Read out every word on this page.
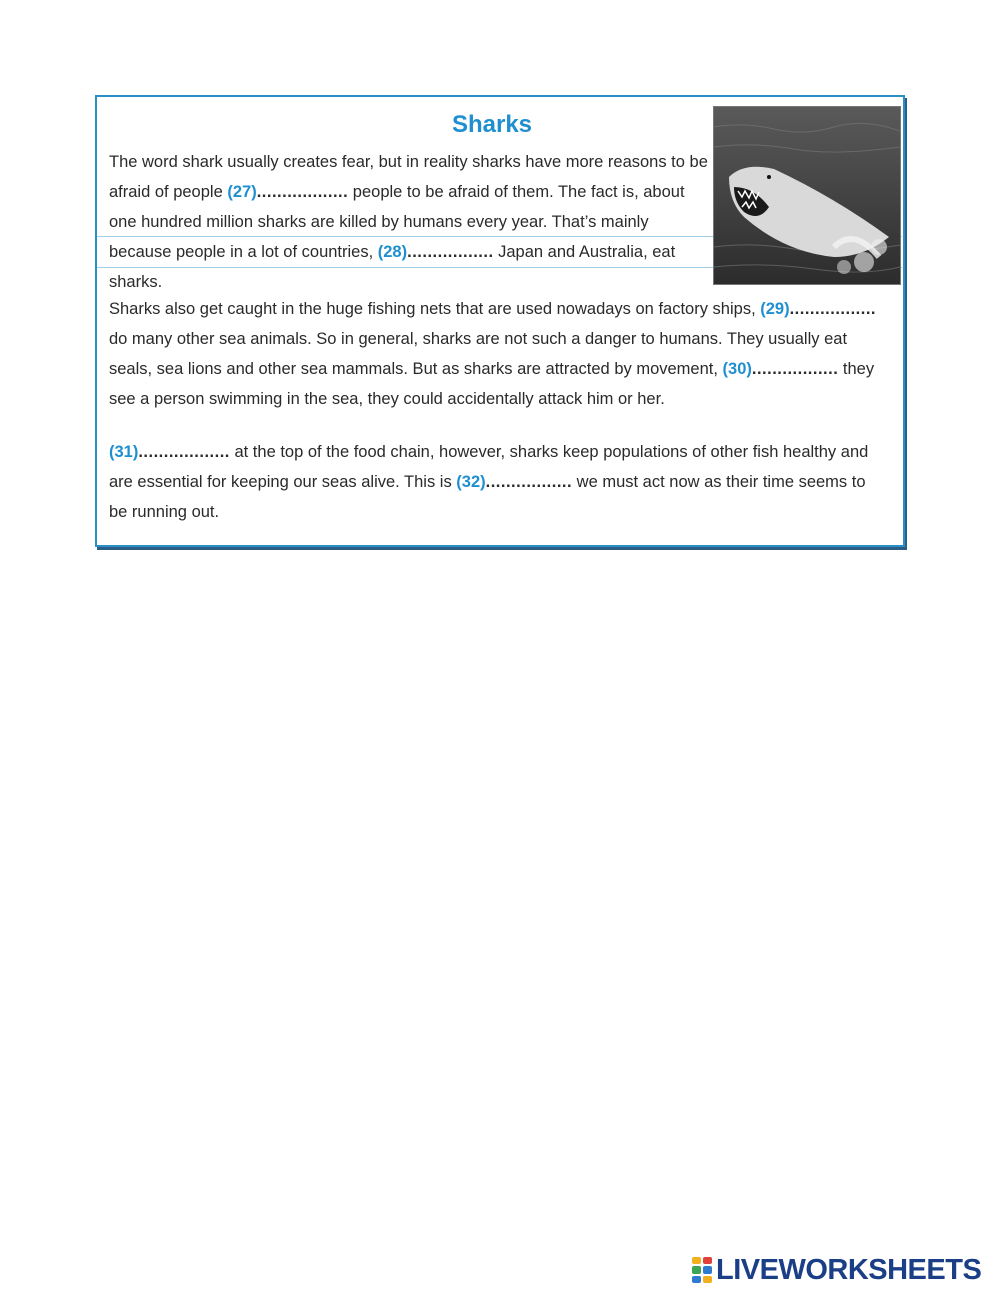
Sharks
The word shark usually creates fear, but in reality sharks have more reasons to be afraid of people (27).................. people to be afraid of them. The fact is, about one hundred million sharks are killed by humans every year. That’s mainly because people in a lot of countries, (28)................. Japan and Australia, eat sharks.
Sharks also get caught in the huge fishing nets that are used nowadays on factory ships, (29)................. do many other sea animals. So in general, sharks are not such a danger to humans. They usually eat seals, sea lions and other sea mammals. But as sharks are attracted by movement, (30)................. they see a person swimming in the sea, they could accidentally attack him or her.
(31).................. at the top of the food chain, however, sharks keep populations of other fish healthy and are essential for keeping our seas alive. This is (32)................. we must act now as their time seems to be running out.
LIVEWORKSHEETS
